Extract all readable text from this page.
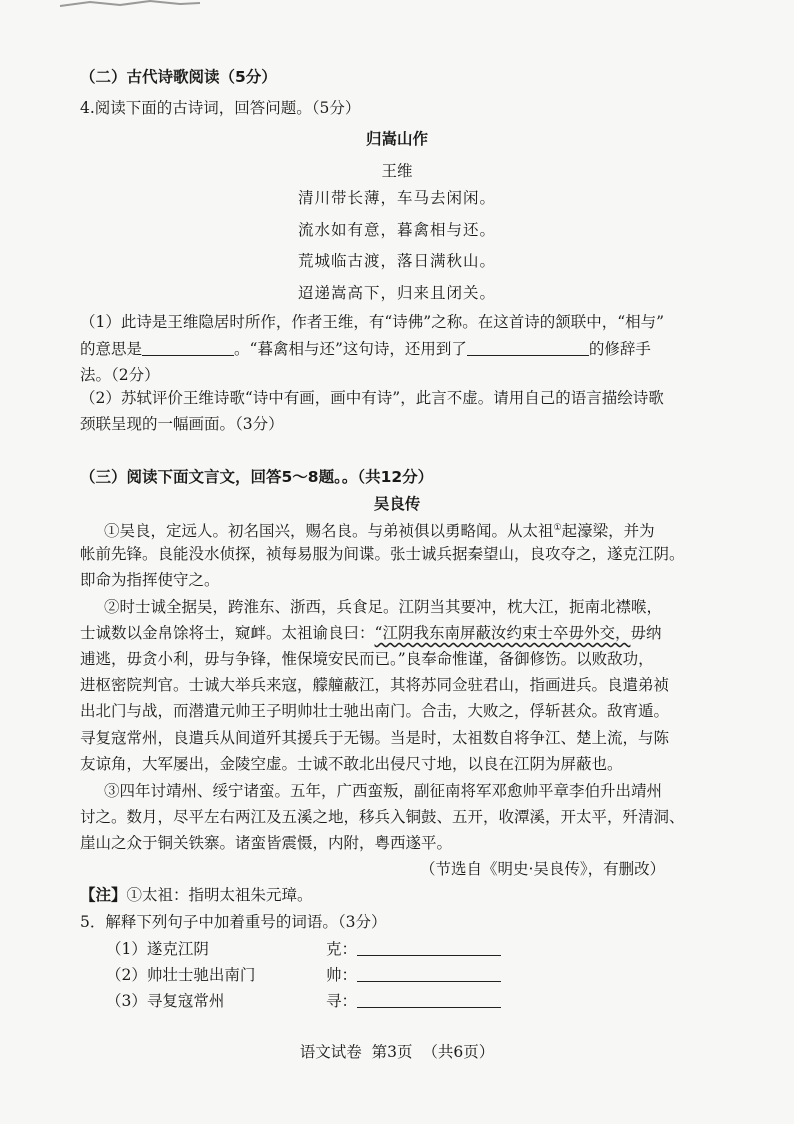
（二）古代诗歌阅读（5分）
4.阅读下面的古诗词，回答问题。（5分）
归嵩山作
王维
清川带长薄，车马去闲闲。
流水如有意，暮禽相与还。
荒城临古渡，落日满秋山。
迢递嵩高下，归来且闭关。
（1）此诗是王维隐居时所作，作者王维，有“诗佛”之称。在这首诗的颔联中，“相与”
的意思是	。“暮禽相与还”这句诗，还用到了	的修辞手
法。（2分）
（2）苏轼评价王维诗歌“诗中有画，画中有诗”，此言不虚。请用自己的语言描绘诗歌
颈联呈现的一幅画面。（3分）
（三）阅读下面文言文，回答5～8题。。（共12分）
吴良传
①吴良，定远人。初名国兴，赐名良。与弟祯俱以勇略闻。从太祖①起濠梁，并为
帐前先锋。良能没水侦探，祯每易服为间谍。张士诚兵据秦望山，良攻夺之，遂克江阴。
即命为指挥使守之。
②时士诚全据吴，跨淮东、浙西，兵食足。江阴当其要冲，枕大江，扼南北襟喉，
士诚数以金帛馀将士，窥衅。太祖谕良曰：“江阴我东南屏蔽汝约束士卒毋外交，毋纳
逋逃，毋贪小利，毋与争锋，惟保境安民而已。”良奉命惟谨，备御修饬。以败敌功，
进枢密院判官。士诚大举兵来寇，艨艟蔽江，其将苏同佥驻君山，指画进兵。良遣弟祯
出北门与战，而潜遣元帅王子明帅壮士驰出南门。合击，大败之，俘斩甚众。敌宵遁。
寻复寇常州，良遣兵从间道歼其援兵于无锡。当是时，太祖数自将争江、楚上流，与陈
友谅角，大军屡出，金陵空虚。士诚不敢北出侵尺寸地，以良在江阴为屏蔽也。
③四年讨靖州、绥宁诸蛮。五年，广西蛮叛，副征南将军邓愈帅平章李伯升出靖州
讨之。数月，尽平左右两江及五溪之地，移兵入铜鼓、五开，收潭溪，开太平，歼清洞、
崖山之众于铜关铁寨。诸蛮皆震慑，内附，粤西遂平。
（节选自《明史·吴良传》，有删改）
【注】①太祖：指明太祖朱元璋。
5．解释下列句子中加着重号的词语。（3分）
（1）遂克江阴	克：
（2）帅壮士驰出南门	帅：
（3）寻复寇常州	寻：
语文试卷  第3页  （共6页）
